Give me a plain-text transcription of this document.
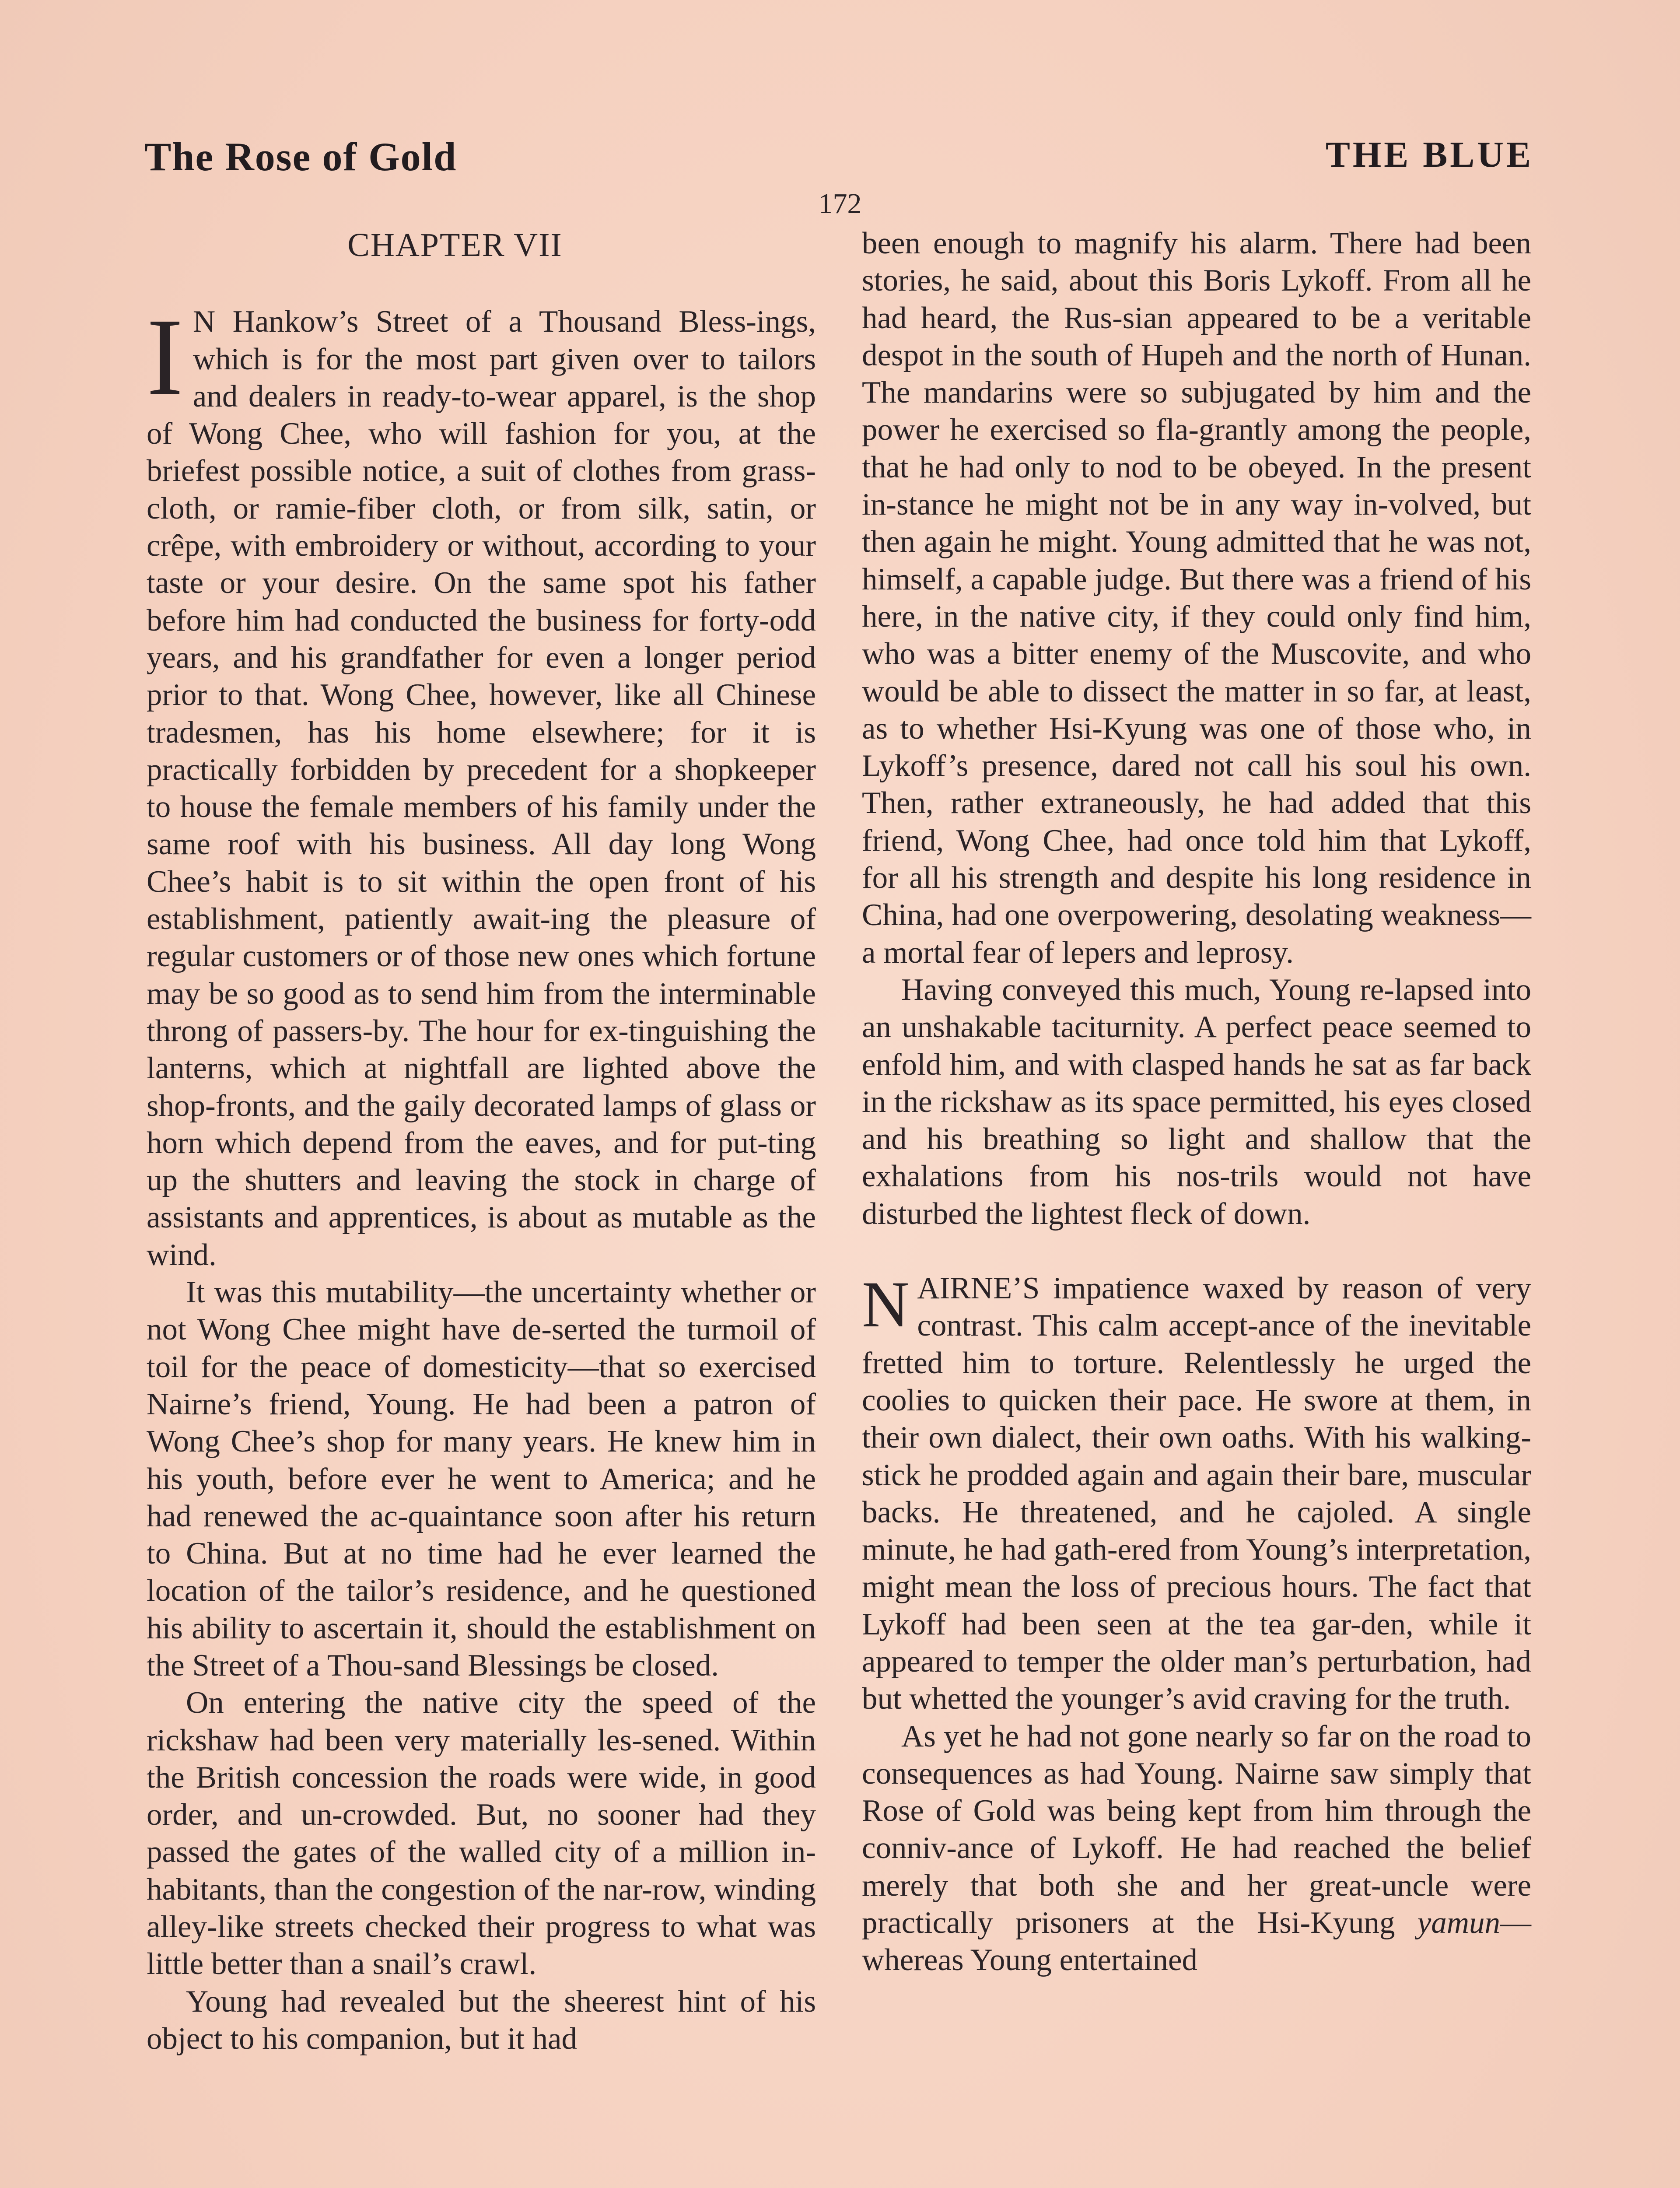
The Rose of Gold	THE BLUE
172
CHAPTER VII

I N Hankow’s Street of a Thousand Bless-ings, which is for the most part given over to tailors and dealers in ready-to-wear apparel, is the shop of Wong Chee, who will fashion for you, at the briefest possible notice, a suit of clothes from grass-cloth, or ramie-fiber cloth, or from silk, satin, or crêpe, with embroidery or without, according to your taste or your desire. On the same spot his father before him had conducted the business for forty-odd years, and his grandfather for even a longer period prior to that. Wong Chee, however, like all Chinese tradesmen, has his home elsewhere; for it is practically forbidden by precedent for a shopkeeper to house the female members of his family under the same roof with his business. All day long Wong Chee’s habit is to sit within the open front of his establishment, patiently await-ing the pleasure of regular customers or of those new ones which fortune may be so good as to send him from the interminable throng of passers-by. The hour for ex-tinguishing the lanterns, which at nightfall are lighted above the shop-fronts, and the gaily decorated lamps of glass or horn which depend from the eaves, and for put-ting up the shutters and leaving the stock in charge of assistants and apprentices, is about as mutable as the wind.

It was this mutability—the uncertainty whether or not Wong Chee might have de-serted the turmoil of toil for the peace of domesticity—that so exercised Nairne’s friend, Young. He had been a patron of Wong Chee’s shop for many years. He knew him in his youth, before ever he went to America; and he had renewed the ac-quaintance soon after his return to China. But at no time had he ever learned the location of the tailor’s residence, and he questioned his ability to ascertain it, should the establishment on the Street of a Thou-sand Blessings be closed.

On entering the native city the speed of the rickshaw had been very materially les-sened. Within the British concession the roads were wide, in good order, and un-crowded. But, no sooner had they passed the gates of the walled city of a million in-habitants, than the congestion of the nar-row, winding alley-like streets checked their progress to what was little better than a snail’s crawl.

Young had revealed but the sheerest hint of his object to his companion, but it had

been enough to magnify his alarm. There had been stories, he said, about this Boris Lykoff. From all he had heard, the Rus-sian appeared to be a veritable despot in the south of Hupeh and the north of Hunan. The mandarins were so subjugated by him and the power he exercised so fla-grantly among the people, that he had only to nod to be obeyed. In the present in-stance he might not be in any way in-volved, but then again he might. Young admitted that he was not, himself, a capable judge. But there was a friend of his here, in the native city, if they could only find him, who was a bitter enemy of the Muscovite, and who would be able to dissect the matter in so far, at least, as to whether Hsi-Kyung was one of those who, in Lykoff’s presence, dared not call his soul his own. Then, rather extraneously, he had added that this friend, Wong Chee, had once told him that Lykoff, for all his strength and despite his long residence in China, had one overpowering, desolating weakness—a mortal fear of lepers and leprosy.

Having conveyed this much, Young re-lapsed into an unshakable taciturnity. A perfect peace seemed to enfold him, and with clasped hands he sat as far back in the rickshaw as its space permitted, his eyes closed and his breathing so light and shallow that the exhalations from his nos-trils would not have disturbed the lightest fleck of down.

NAIRNE’S impatience waxed by reason of very contrast. This calm accept-ance of the inevitable fretted him to torture. Relentlessly he urged the coolies to quicken their pace. He swore at them, in their own dialect, their own oaths. With his walking-stick he prodded again and again their bare, muscular backs. He threatened, and he cajoled. A single minute, he had gath-ered from Young’s interpretation, might mean the loss of precious hours. The fact that Lykoff had been seen at the tea gar-den, while it appeared to temper the older man’s perturbation, had but whetted the younger’s avid craving for the truth.

As yet he had not gone nearly so far on the road to consequences as had Young. Nairne saw simply that Rose of Gold was being kept from him through the conniv-ance of Lykoff. He had reached the belief merely that both she and her great-uncle were practically prisoners at the Hsi-Kyung yamun—whereas Young entertained
